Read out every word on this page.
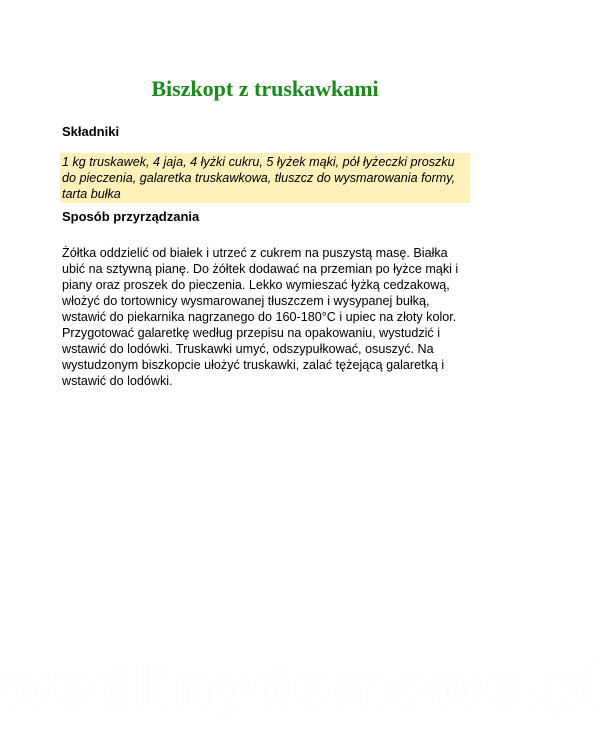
Biszkopt z truskawkami
Składniki

1 kg truskawek, 4 jaja, 4 łyżki cukru, 5 łyżek mąki, pół łyżeczki proszku do pieczenia, galaretka truskawkowa, tłuszcz do wysmarowania formy, tarta bułka

Sposób przyrządzania

Żółtka oddzielić od białek i utrzeć z cukrem na puszystą masę. Białka ubić na sztywną pianę. Do żółtek dodawać na przemian po łyżce mąki i piany oraz proszek do pieczenia. Lekko wymieszać łyżką cedzakową, włożyć do tortownicy wysmarowanej tłuszczem i wysypanej bułką, wstawić do piekarnika nagrzanego do 160-180°C i upiec na złoty kolor. Przygotować galaretkę według przepisu na opakowaniu, wystudzić i wstawić do lodówki. Truskawki umyć, odszypułkować, osuszyć. Na wystudzonym biszkopcie ułożyć truskawki, zalać tężejącą galaretką i wstawić do lodówki.

wedlinydomowe.pl
